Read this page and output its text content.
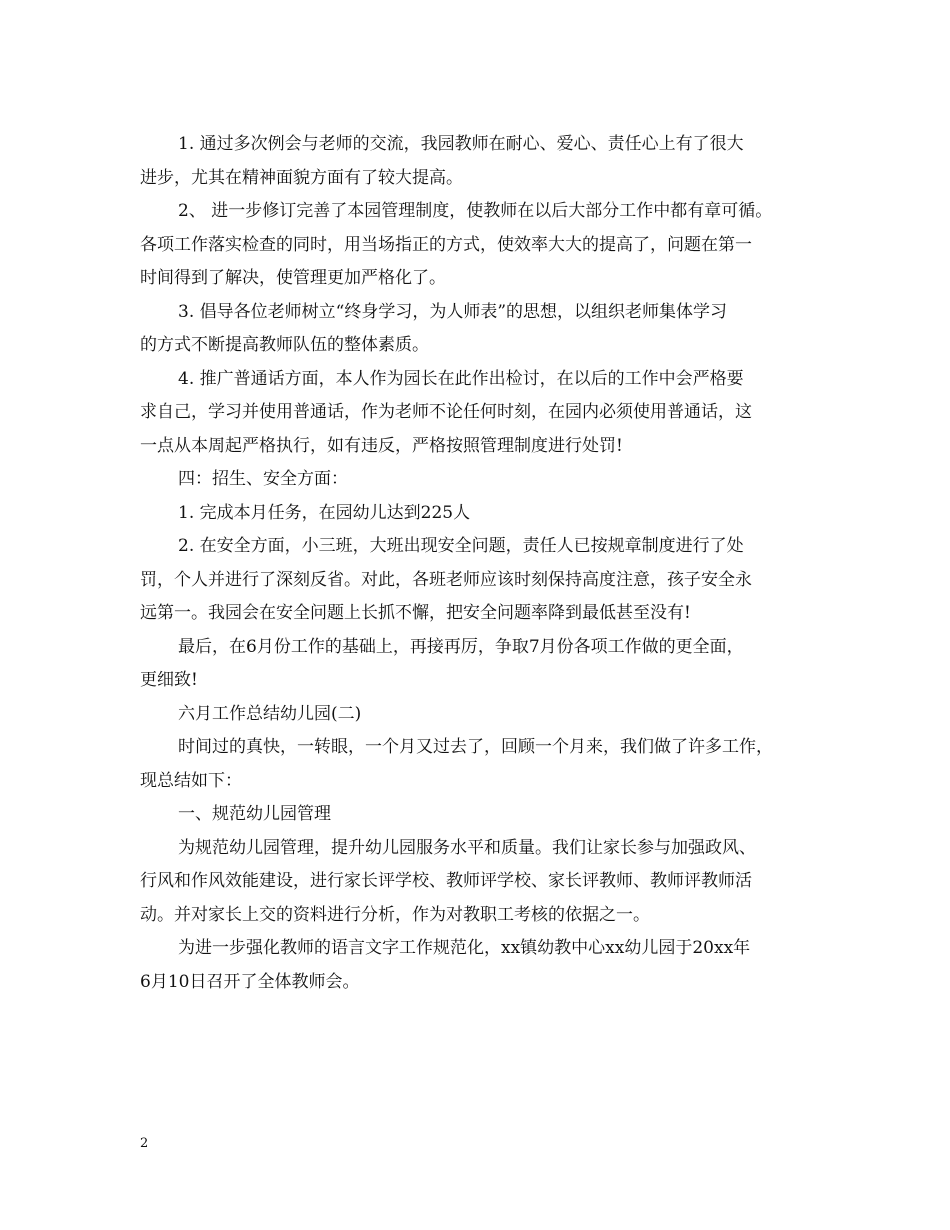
1. 通过多次例会与老师的交流，我园教师在耐心、爱心、责任心上有了很大
进步，尤其在精神面貌方面有了较大提高。
2、 进一步修订完善了本园管理制度，使教师在以后大部分工作中都有章可循。
各项工作落实检查的同时，用当场指正的方式，使效率大大的提高了，问题在第一
时间得到了解决，使管理更加严格化了。
3. 倡导各位老师树立“终身学习，为人师表”的思想，以组织老师集体学习
的方式不断提高教师队伍的整体素质。
4. 推广普通话方面，本人作为园长在此作出检讨，在以后的工作中会严格要
求自己，学习并使用普通话，作为老师不论任何时刻，在园内必须使用普通话，这
一点从本周起严格执行，如有违反，严格按照管理制度进行处罚!
四：招生、安全方面：
1. 完成本月任务，在园幼儿达到225人
2. 在安全方面，小三班，大班出现安全问题，责任人已按规章制度进行了处
罚，个人并进行了深刻反省。对此，各班老师应该时刻保持高度注意，孩子安全永
远第一。我园会在安全问题上长抓不懈，把安全问题率降到最低甚至没有!
最后，在6月份工作的基础上，再接再厉，争取7月份各项工作做的更全面，
更细致!
六月工作总结幼儿园(二)
时间过的真快，一转眼，一个月又过去了，回顾一个月来，我们做了许多工作，
现总结如下：
一、规范幼儿园管理
为规范幼儿园管理，提升幼儿园服务水平和质量。我们让家长参与加强政风、
行风和作风效能建设，进行家长评学校、教师评学校、家长评教师、教师评教师活
动。并对家长上交的资料进行分析，作为对教职工考核的依据之一。
为进一步强化教师的语言文字工作规范化，xx镇幼教中心xx幼儿园于20xx年
6月10日召开了全体教师会。
2
